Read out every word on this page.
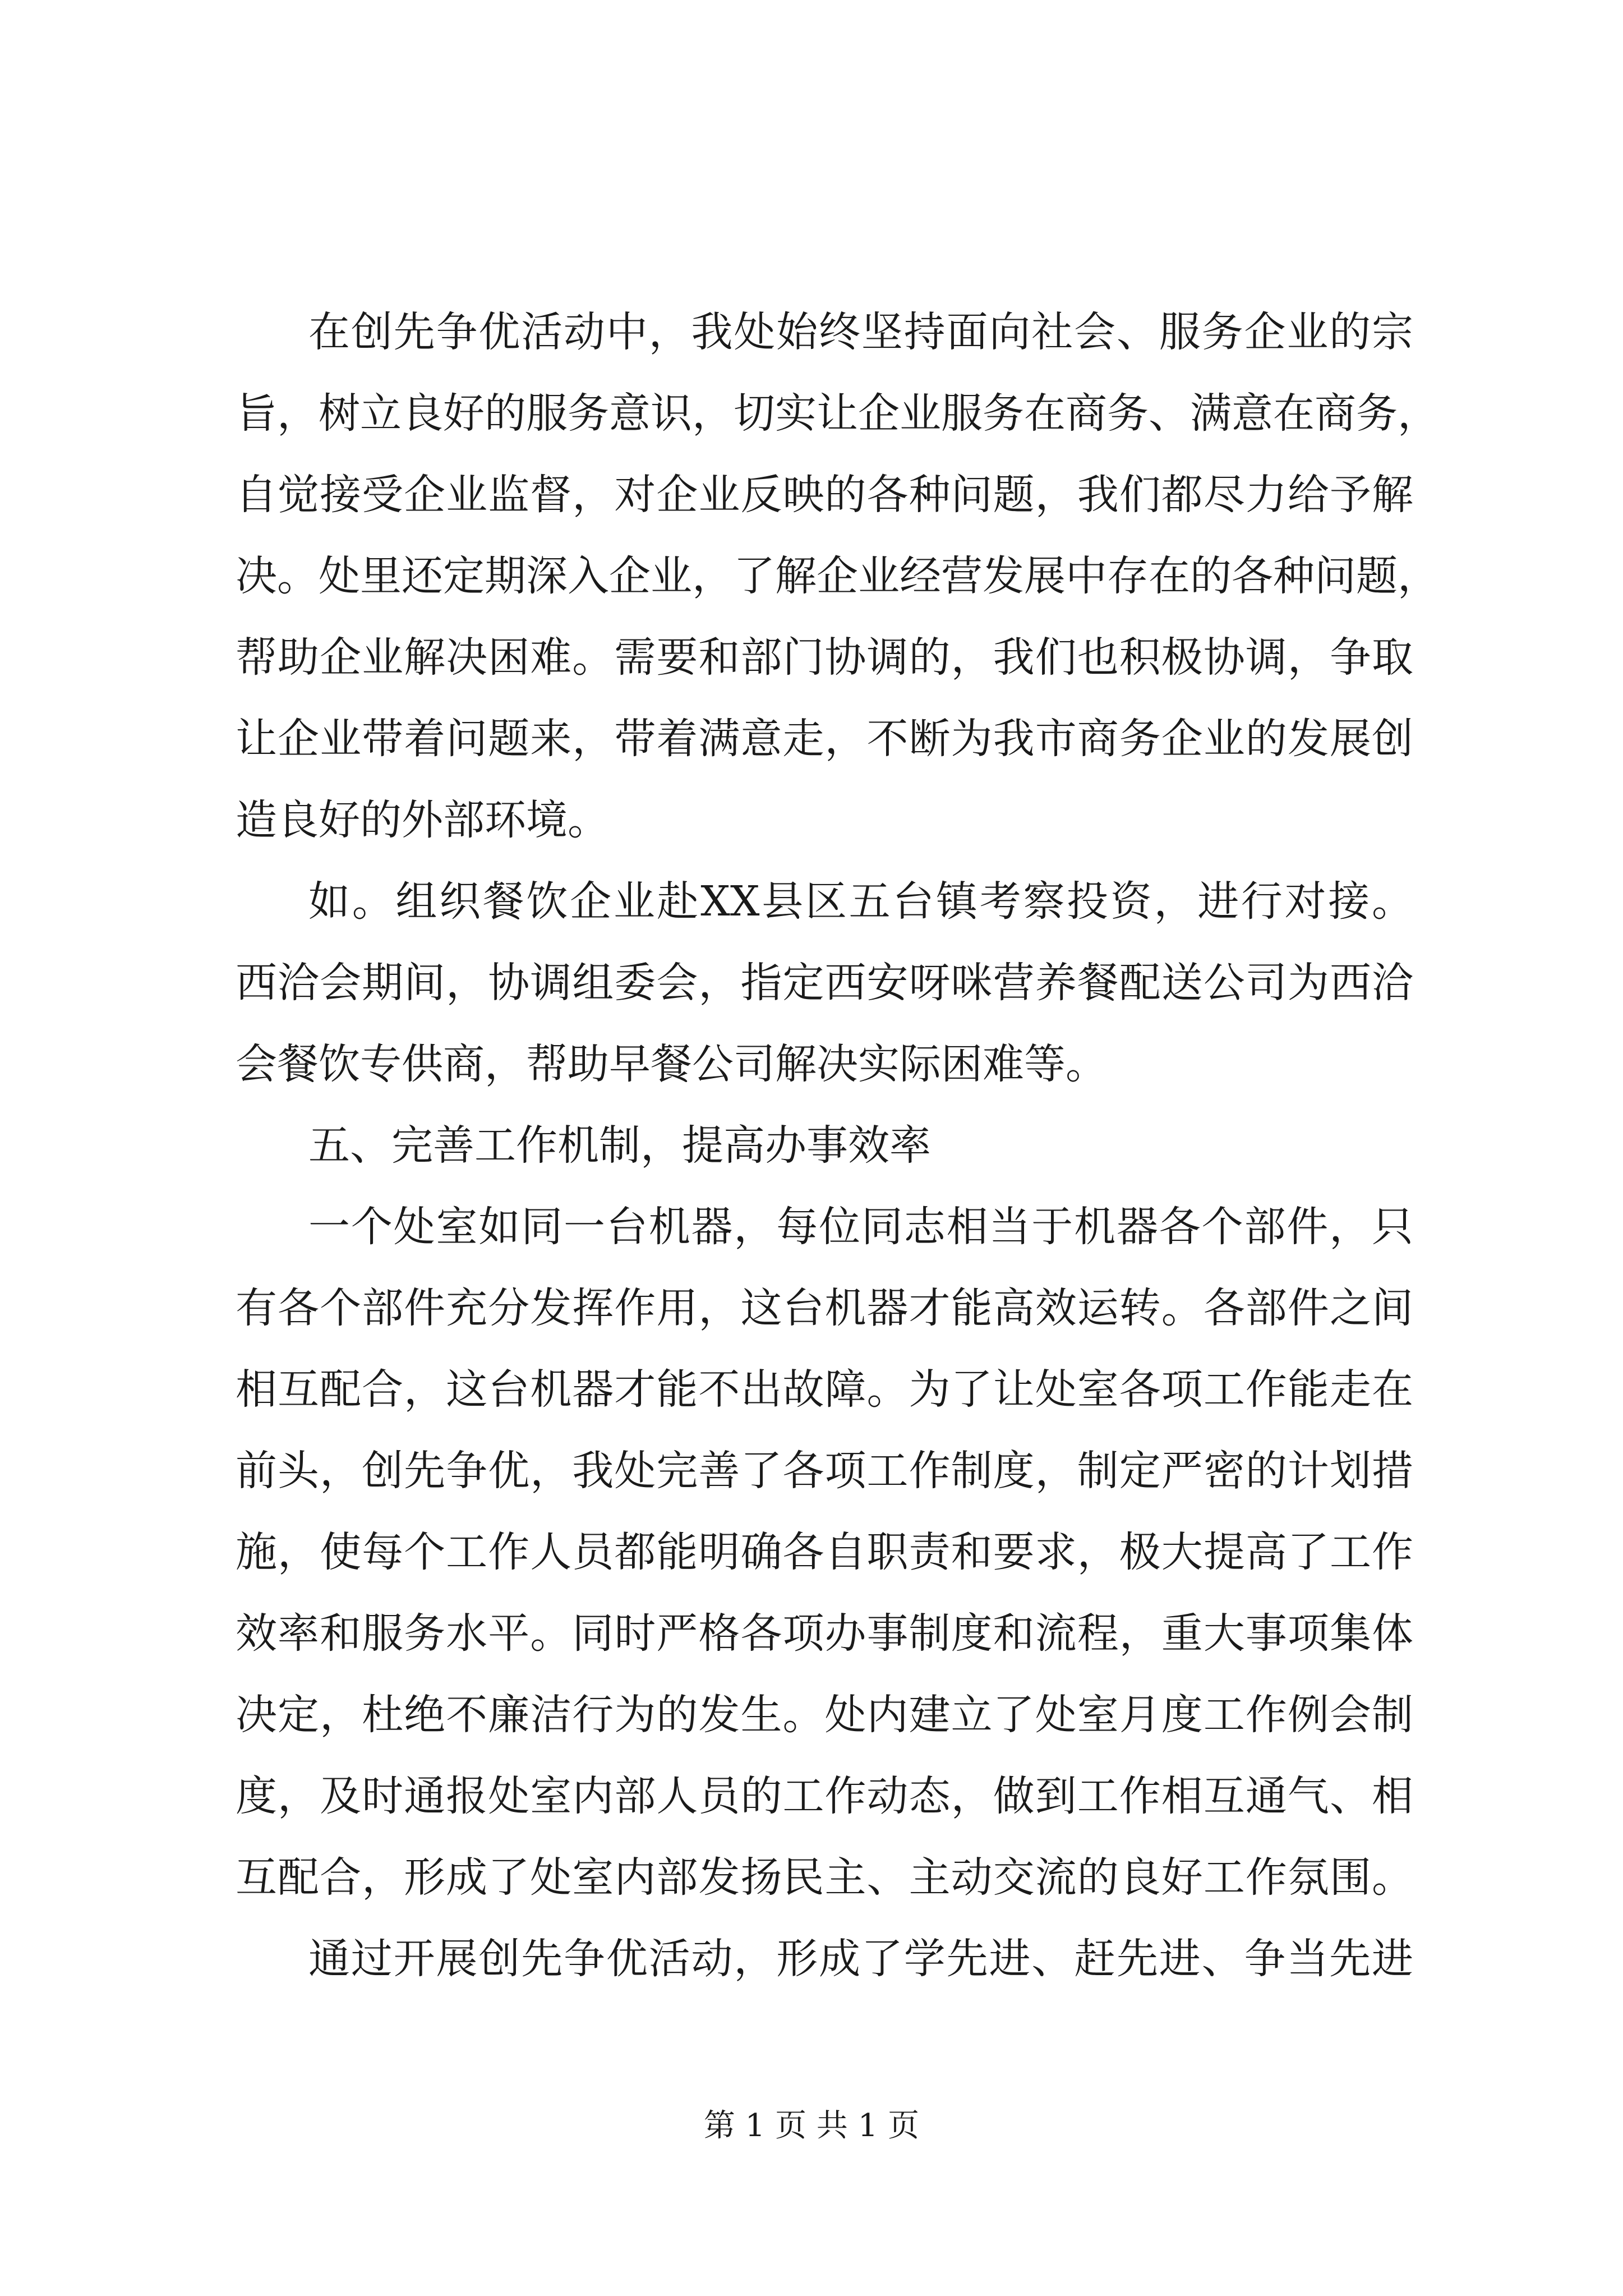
在创先争优活动中，我处始终坚持面向社会、服务企业的宗
旨，树立良好的服务意识，切实让企业服务在商务、满意在商务，
自觉接受企业监督，对企业反映的各种问题，我们都尽力给予解
决。处里还定期深入企业，了解企业经营发展中存在的各种问题，
帮助企业解决困难。需要和部门协调的，我们也积极协调，争取
让企业带着问题来，带着满意走，不断为我市商务企业的发展创
造良好的外部环境。
如。组织餐饮企业赴XX县区五台镇考察投资，进行对接。
西洽会期间，协调组委会，指定西安呀咪营养餐配送公司为西洽
会餐饮专供商，帮助早餐公司解决实际困难等。
五、完善工作机制，提高办事效率
一个处室如同一台机器，每位同志相当于机器各个部件，只
有各个部件充分发挥作用，这台机器才能高效运转。各部件之间
相互配合，这台机器才能不出故障。为了让处室各项工作能走在
前头，创先争优，我处完善了各项工作制度，制定严密的计划措
施，使每个工作人员都能明确各自职责和要求，极大提高了工作
效率和服务水平。同时严格各项办事制度和流程，重大事项集体
决定，杜绝不廉洁行为的发生。处内建立了处室月度工作例会制
度，及时通报处室内部人员的工作动态，做到工作相互通气、相
互配合，形成了处室内部发扬民主、主动交流的良好工作氛围。
通过开展创先争优活动，形成了学先进、赶先进、争当先进
第 1 页 共 1 页
